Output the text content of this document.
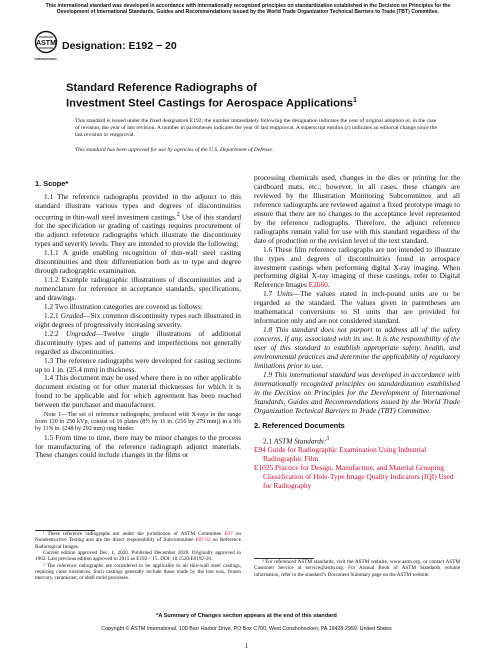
This international standard was developed in accordance with internationally recognized principles on standardization established in the Decision on Principles for the Development of International Standards, Guides and Recommendations issued by the World Trade Organization Technical Barriers to Trade (TBT) Committee.
ASTM
INTERNATIONAL
Designation: E192 − 20
Standard Reference Radiographs of
Investment Steel Castings for Aerospace Applications$^1$
This standard is issued under the fixed designation E192; the number immediately following the designation indicates the year of original adoption or, in the case of revision, the year of last revision. A number in parentheses indicates the year of last reapproval. A superscript epsilon (ε) indicates an editorial change since the last revision or reapproval.
This standard has been approved for use by agencies of the U.S. Department of Defense.

1. Scope*

1.1 The reference radiographs provided in the adjunct to this standard illustrate various types and degrees of discontinuities occurring in thin-wall steel investment castings.$^2$ Use of this standard for the specification or grading of castings requires procurement of the adjunct reference radiographs which illustrate the discontinuity types and severity levels. They are intended to provide the following:

1.1.1 A guide enabling recognition of thin-wall steel casting discontinuities and their differentiation both as to type and degree through radiographic examination.

1.1.2 Example radiographic illustrations of discontinuities and a nomenclature for reference in acceptance standards, specifications, and drawings.

1.2 Two illustration categories are covered as follows:

1.2.1 Graded—Six common discontinuity types each illustrated in eight degrees of progressively increasing severity.

1.2.2 Ungraded—Twelve single illustrations of additional discontinuity types and of patterns and imperfections not generally regarded as discontinuities.

1.3 The reference radiographs were developed for casting sections up to 1 in. (25.4 mm) in thickness.

1.4 This document may be used where there is no other applicable document existing or for other material thicknesses for which it is found to be applicable and for which agreement has been reached between the purchaser and manufacturer.

Note 1—The set of reference radiographs, produced with X-rays in the range from 130 to 250 kVp, consist of 16 plates (8½ by 11 in. (216 by 279 mm)) in a 9¾ by 11⅝ in. (248 by 292 mm) ring binder.

1.5 From time to time, there may be minor changes to the process for manufacturing of the reference radiograph adjunct materials. These changes could include changes in the films or

processing chemicals used, changes in the dies or printing for the cardboard mats, etc.; however, in all cases, these changes are reviewed by the Illustration Monitoring Subcommittee and all reference radiographs are reviewed against a fixed prototype image to ensure that there are no changes to the acceptance level represented by the reference radiographs. Therefore, the adjunct reference radiographs remain valid for use with this standard regardless of the date of production or the revision level of the text standard.

1.6 These film reference radiographs are not intended to illustrate the types and degrees of discontinuities found in aerospace investment castings when performing digital X-ray imaging. When performing digital X-ray imaging of these castings, refer to Digital Reference Images E2660.

1.7 Units—The values stated in inch-pound units are to be regarded as the standard. The values given in parentheses are mathematical conversions to SI units that are provided for information only and are not considered standard.

1.8 This standard does not purport to address all of the safety concerns, if any, associated with its use. It is the responsibility of the user of this standard to establish appropriate safety, health, and environmental practices and determine the applicability of regulatory limitations prior to use.

1.9 This international standard was developed in accordance with internationally recognized principles on standardization established in the Decision on Principles for the Development of International Standards, Guides and Recommendations issued by the World Trade Organization Technical Barriers to Trade (TBT) Committee.

2. Referenced Documents

2.1 ASTM Standards:$^3$

E94 Guide for Radiographic Examination Using Industrial Radiographic Film

E1025 Practice for Design, Manufacture, and Material Grouping Classification of Hole-Type Image Quality Indicators (IQI) Used for Radiography

¹ These reference radiographs are under the jurisdiction of ASTM Committee E07 on Nondestructive Testing and are the direct responsibility of Subcommittee E07.02 on Reference Radiological Images.

Current edition approved Dec. 1, 2020. Published December 2020. Originally approved in 1962. Last previous edition approved in 2015 as E192 – 15. DOI: 10.1520/E0192-20.

² The reference radiographs are considered to be applicable to all thin-wall steel castings, requiring close tolerances. Such castings generally include those made by the lost wax, frozen mercury, ceramicast, or shell mold processes.

³ For referenced ASTM standards, visit the ASTM website, www.astm.org, or contact ASTM Customer Service at service@astm.org. For Annual Book of ASTM Standards volume information, refer to the standard’s Document Summary page on the ASTM website.

*A Summary of Changes section appears at the end of this standard
Copyright © ASTM International, 100 Barr Harbor Drive, PO Box C700, West Conshohocken, PA 19428-2959. United States
1
